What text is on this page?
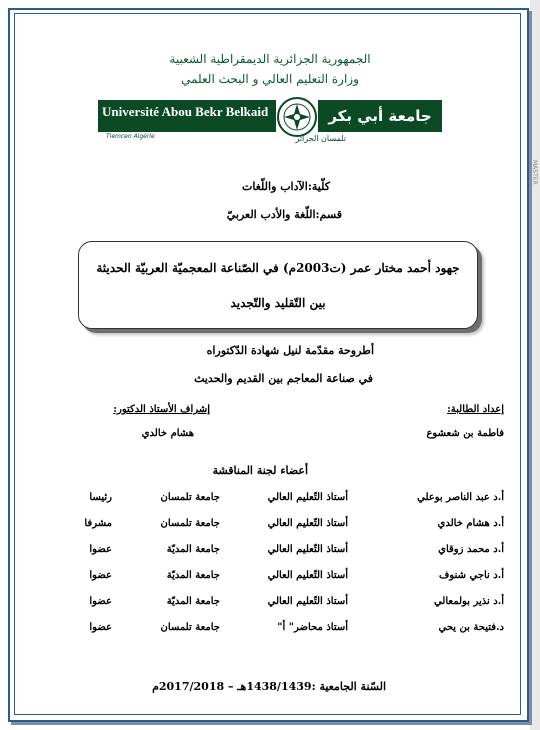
MASTER
الجمهورية الجزائرية الديمقراطية الشعبية
وزارة التعليم العالي و البحث العلمي
Université Abou Bekr Belkaid
Tlemcen Algérie
جامعة أبي بكر بلقايد
تلمسان الجزائر
كلّية:الآداب واللّغات
قسم:اللّغة والأدب العربيّ
جهود أحمد مختار عمر (ت2003م) في الصّناعة المعجميّة العربيّة الحديثة
بين التّقليد والتّجديد
أطروحة مقدّمة لنيل شهادة الدّكتوراه
في صناعة المعاجم بين القديم والحديث
إعداد الطالبة:
فاطمة بن شعشوع
إشراف الأستاذ الدكتور:
هشام خالدي
أعضاء لجنة المناقشة
أ.د عبد الناصر بوعلي
أستاذ التّعليم العالي
جامعة تلمسان
رئيسا
أ.د هشام خالدي
أستاذ التّعليم العالي
جامعة تلمسان
مشرفا
أ.د محمد زوقاي
أستاذ التّعليم العالي
جامعة المديّة
عضوا
أ.د ناجي شنوف
أستاذ التّعليم العالي
جامعة المديّة
عضوا
أ.د نذير بولمعالي
أستاذ التّعليم العالي
جامعة المديّة
عضوا
د.فتيحة بن يحي
أستاذ محاضر" أ"
جامعة تلمسان
عضوا
السّنة الجامعية :1438/1439هـ – 2017/2018م
